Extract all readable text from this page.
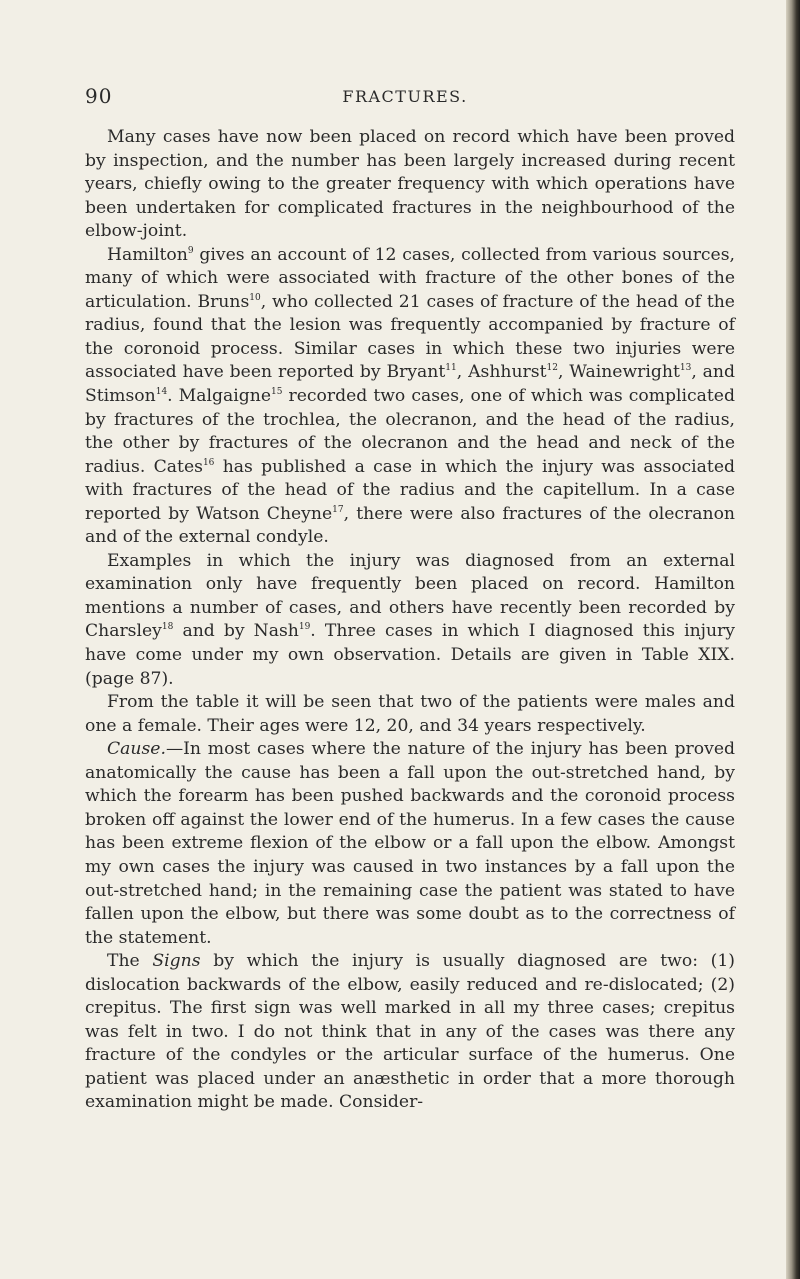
90	FRACTURES.

Many cases have now been placed on record which have been proved by inspection, and the number has been largely increased during recent years, chiefly owing to the greater frequency with which operations have been undertaken for complicated fractures in the neighbourhood of the elbow-joint.

Hamilton$^9$ gives an account of 12 cases, collected from various sources, many of which were associated with fracture of the other bones of the articulation. Bruns$^{10}$, who collected 21 cases of fracture of the head of the radius, found that the lesion was frequently accompanied by fracture of the coronoid process. Similar cases in which these two injuries were associated have been reported by Bryant$^{11}$, Ashhurst$^{12}$, Wainewright$^{13}$, and Stimson$^{14}$. Malgaigne$^{15}$ recorded two cases, one of which was complicated by fractures of the trochlea, the olecranon, and the head of the radius, the other by fractures of the olecranon and the head and neck of the radius. Cates$^{16}$ has published a case in which the injury was associated with fractures of the head of the radius and the capitellum. In a case reported by Watson Cheyne$^{17}$, there were also fractures of the olecranon and of the external condyle.

Examples in which the injury was diagnosed from an external examination only have frequently been placed on record. Hamilton mentions a number of cases, and others have recently been recorded by Charsley$^{18}$ and by Nash$^{19}$. Three cases in which I diagnosed this injury have come under my own observation. Details are given in Table XIX. (page 87).

From the table it will be seen that two of the patients were males and one a female. Their ages were 12, 20, and 34 years respectively.

Cause.—In most cases where the nature of the injury has been proved anatomically the cause has been a fall upon the out-stretched hand, by which the forearm has been pushed backwards and the coronoid process broken off against the lower end of the humerus. In a few cases the cause has been extreme flexion of the elbow or a fall upon the elbow. Amongst my own cases the injury was caused in two instances by a fall upon the out-stretched hand; in the remaining case the patient was stated to have fallen upon the elbow, but there was some doubt as to the correctness of the statement.

The Signs by which the injury is usually diagnosed are two: (1) dislocation backwards of the elbow, easily reduced and re-dislocated; (2) crepitus. The first sign was well marked in all my three cases; crepitus was felt in two. I do not think that in any of the cases was there any fracture of the condyles or the articular surface of the humerus. One patient was placed under an anæsthetic in order that a more thorough examination might be made. Consider-
